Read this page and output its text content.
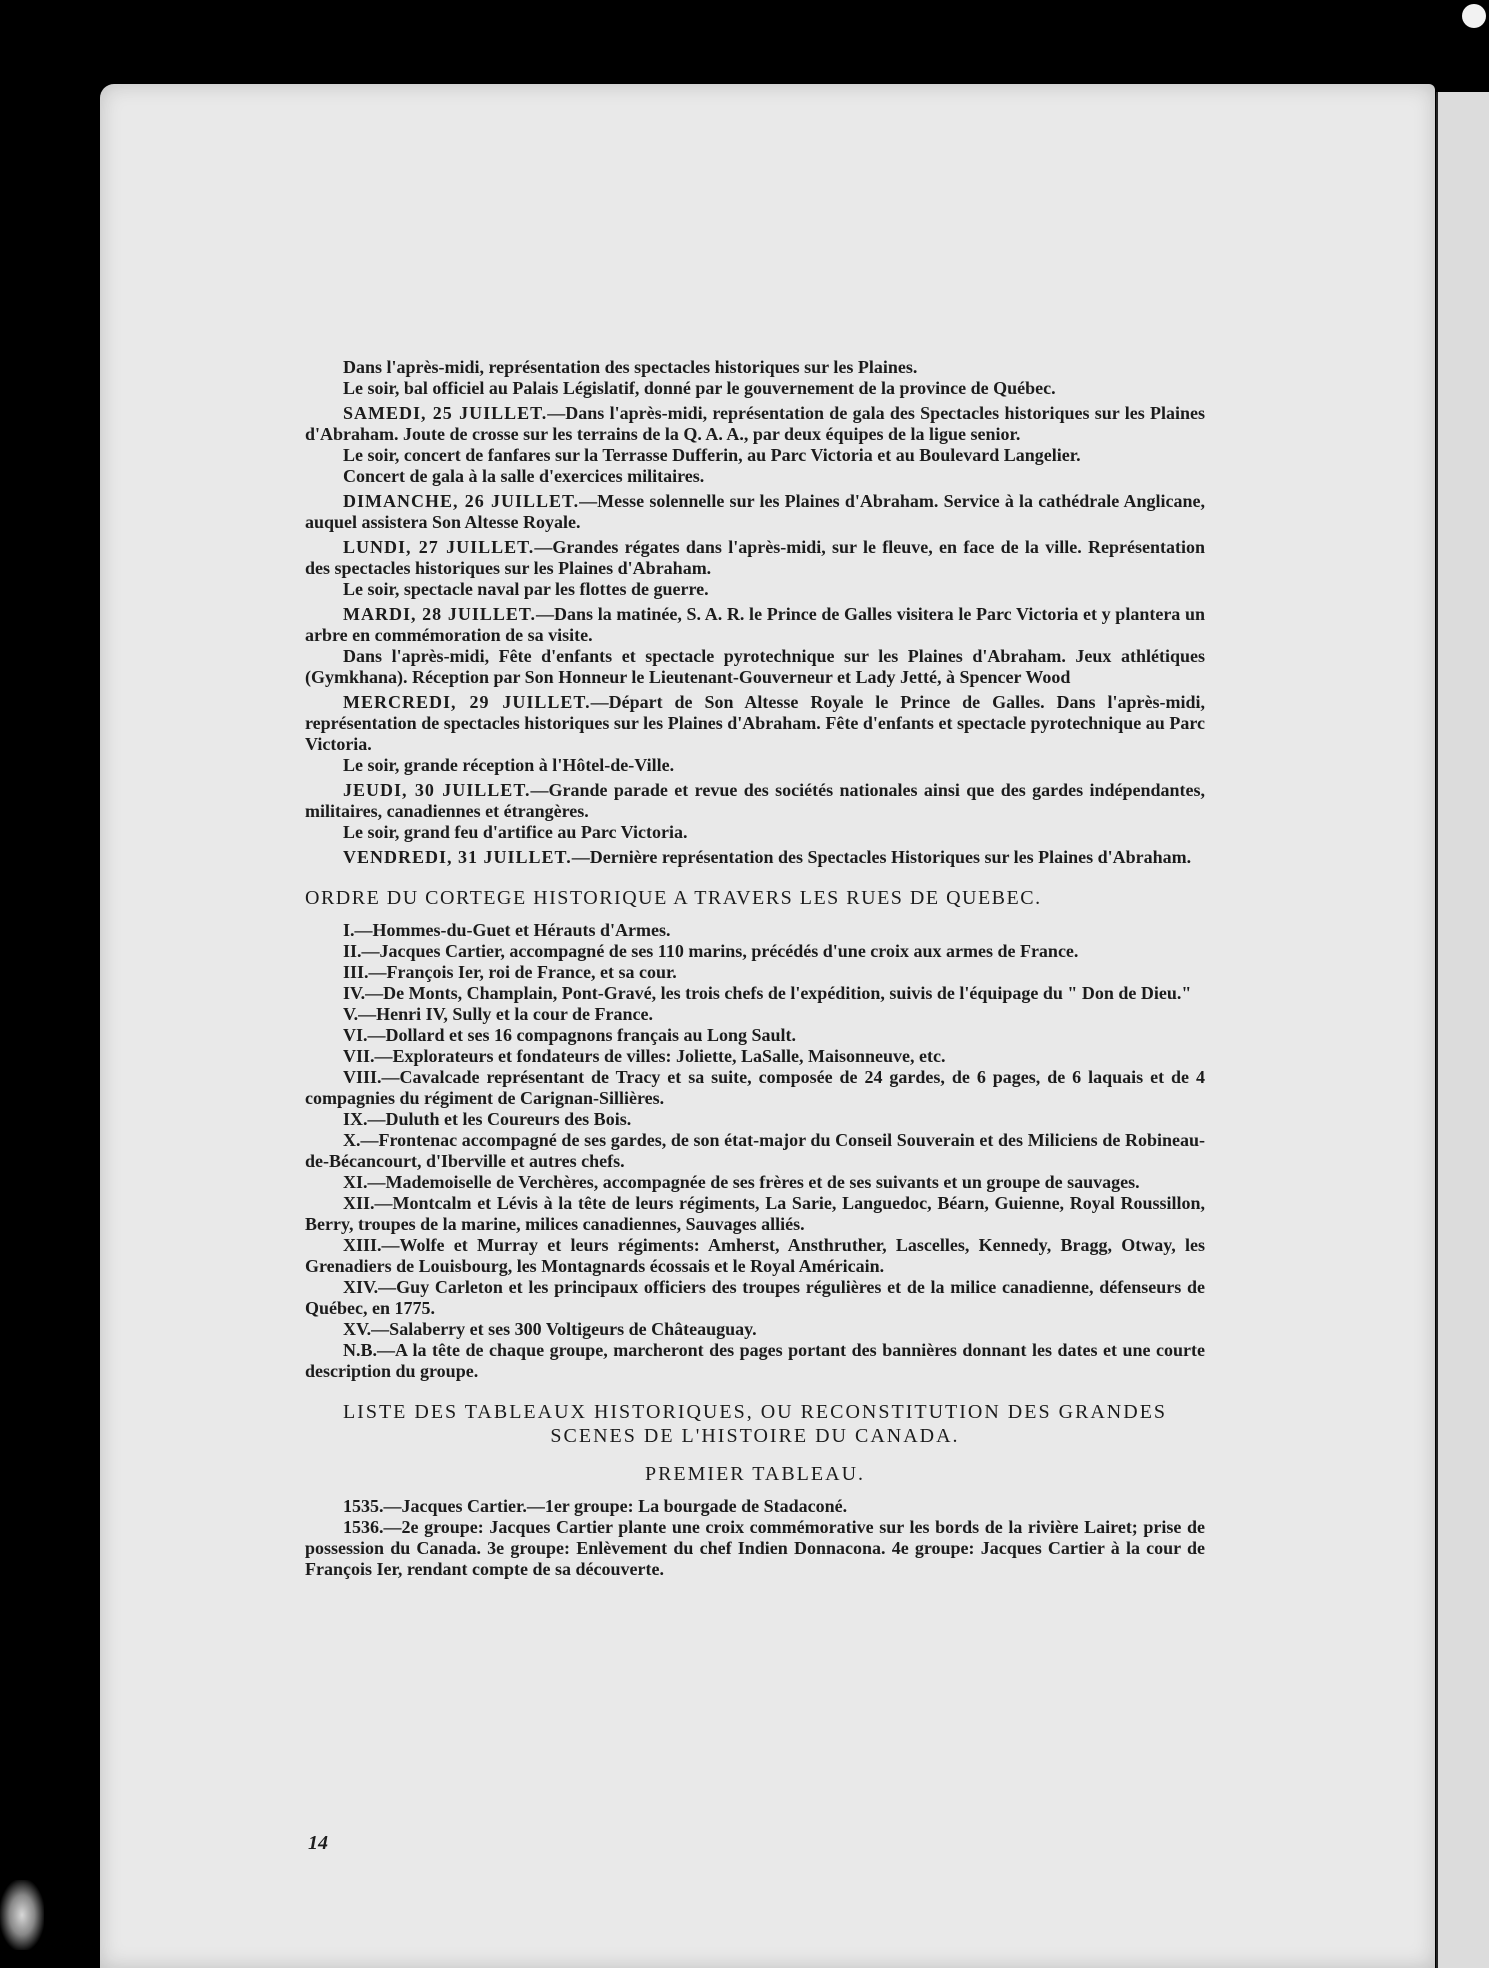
Dans l'après-midi, représentation des spectacles historiques sur les Plaines.

Le soir, bal officiel au Palais Législatif, donné par le gouvernement de la province de Québec.

SAMEDI, 25 JUILLET.—Dans l'après-midi, représentation de gala des Spectacles historiques sur les Plaines d'Abraham. Joute de crosse sur les terrains de la Q. A. A., par deux équipes de la ligue senior.

Le soir, concert de fanfares sur la Terrasse Dufferin, au Parc Victoria et au Boulevard Langelier.

Concert de gala à la salle d'exercices militaires.

DIMANCHE, 26 JUILLET.—Messe solennelle sur les Plaines d'Abraham. Service à la cathédrale Anglicane, auquel assistera Son Altesse Royale.

LUNDI, 27 JUILLET.—Grandes régates dans l'après-midi, sur le fleuve, en face de la ville. Représentation des spectacles historiques sur les Plaines d'Abraham.

Le soir, spectacle naval par les flottes de guerre.

MARDI, 28 JUILLET.—Dans la matinée, S. A. R. le Prince de Galles visitera le Parc Victoria et y plantera un arbre en commémoration de sa visite.

Dans l'après-midi, Fête d'enfants et spectacle pyrotechnique sur les Plaines d'Abraham. Jeux athlétiques (Gymkhana). Réception par Son Honneur le Lieutenant-Gouverneur et Lady Jetté, à Spencer Wood

MERCREDI, 29 JUILLET.—Départ de Son Altesse Royale le Prince de Galles. Dans l'après-midi, représentation de spectacles historiques sur les Plaines d'Abraham. Fête d'enfants et spectacle pyrotechnique au Parc Victoria.

Le soir, grande réception à l'Hôtel-de-Ville.

JEUDI, 30 JUILLET.—Grande parade et revue des sociétés nationales ainsi que des gardes indépendantes, militaires, canadiennes et étrangères.

Le soir, grand feu d'artifice au Parc Victoria.

VENDREDI, 31 JUILLET.—Dernière représentation des Spectacles Historiques sur les Plaines d'Abraham.

ORDRE DU CORTEGE HISTORIQUE A TRAVERS LES RUES DE QUEBEC.

I.—Hommes-du-Guet et Hérauts d'Armes.

II.—Jacques Cartier, accompagné de ses 110 marins, précédés d'une croix aux armes de France.

III.—François Ier, roi de France, et sa cour.

IV.—De Monts, Champlain, Pont-Gravé, les trois chefs de l'expédition, suivis de l'équipage du " Don de Dieu."

V.—Henri IV, Sully et la cour de France.

VI.—Dollard et ses 16 compagnons français au Long Sault.

VII.—Explorateurs et fondateurs de villes: Joliette, LaSalle, Maisonneuve, etc.

VIII.—Cavalcade représentant de Tracy et sa suite, composée de 24 gardes, de 6 pages, de 6 laquais et de 4 compagnies du régiment de Carignan-Sillières.

IX.—Duluth et les Coureurs des Bois.

X.—Frontenac accompagné de ses gardes, de son état-major du Conseil Souverain et des Miliciens de Robineau-de-Bécancourt, d'Iberville et autres chefs.

XI.—Mademoiselle de Verchères, accompagnée de ses frères et de ses suivants et un groupe de sauvages.

XII.—Montcalm et Lévis à la tête de leurs régiments, La Sarie, Languedoc, Béarn, Guienne, Royal Roussillon, Berry, troupes de la marine, milices canadiennes, Sauvages alliés.

XIII.—Wolfe et Murray et leurs régiments: Amherst, Ansthruther, Lascelles, Kennedy, Bragg, Otway, les Grenadiers de Louisbourg, les Montagnards écossais et le Royal Américain.

XIV.—Guy Carleton et les principaux officiers des troupes régulières et de la milice canadienne, défenseurs de Québec, en 1775.

XV.—Salaberry et ses 300 Voltigeurs de Châteauguay.

N.B.—A la tête de chaque groupe, marcheront des pages portant des bannières donnant les dates et une courte description du groupe.

LISTE DES TABLEAUX HISTORIQUES, OU RECONSTITUTION DES GRANDES SCENES DE L'HISTOIRE DU CANADA.

PREMIER TABLEAU.

1535.—Jacques Cartier.—1er groupe: La bourgade de Stadaconé.

1536.—2e groupe: Jacques Cartier plante une croix commémorative sur les bords de la rivière Lairet; prise de possession du Canada. 3e groupe: Enlèvement du chef Indien Donnacona. 4e groupe: Jacques Cartier à la cour de François Ier, rendant compte de sa découverte.

14
